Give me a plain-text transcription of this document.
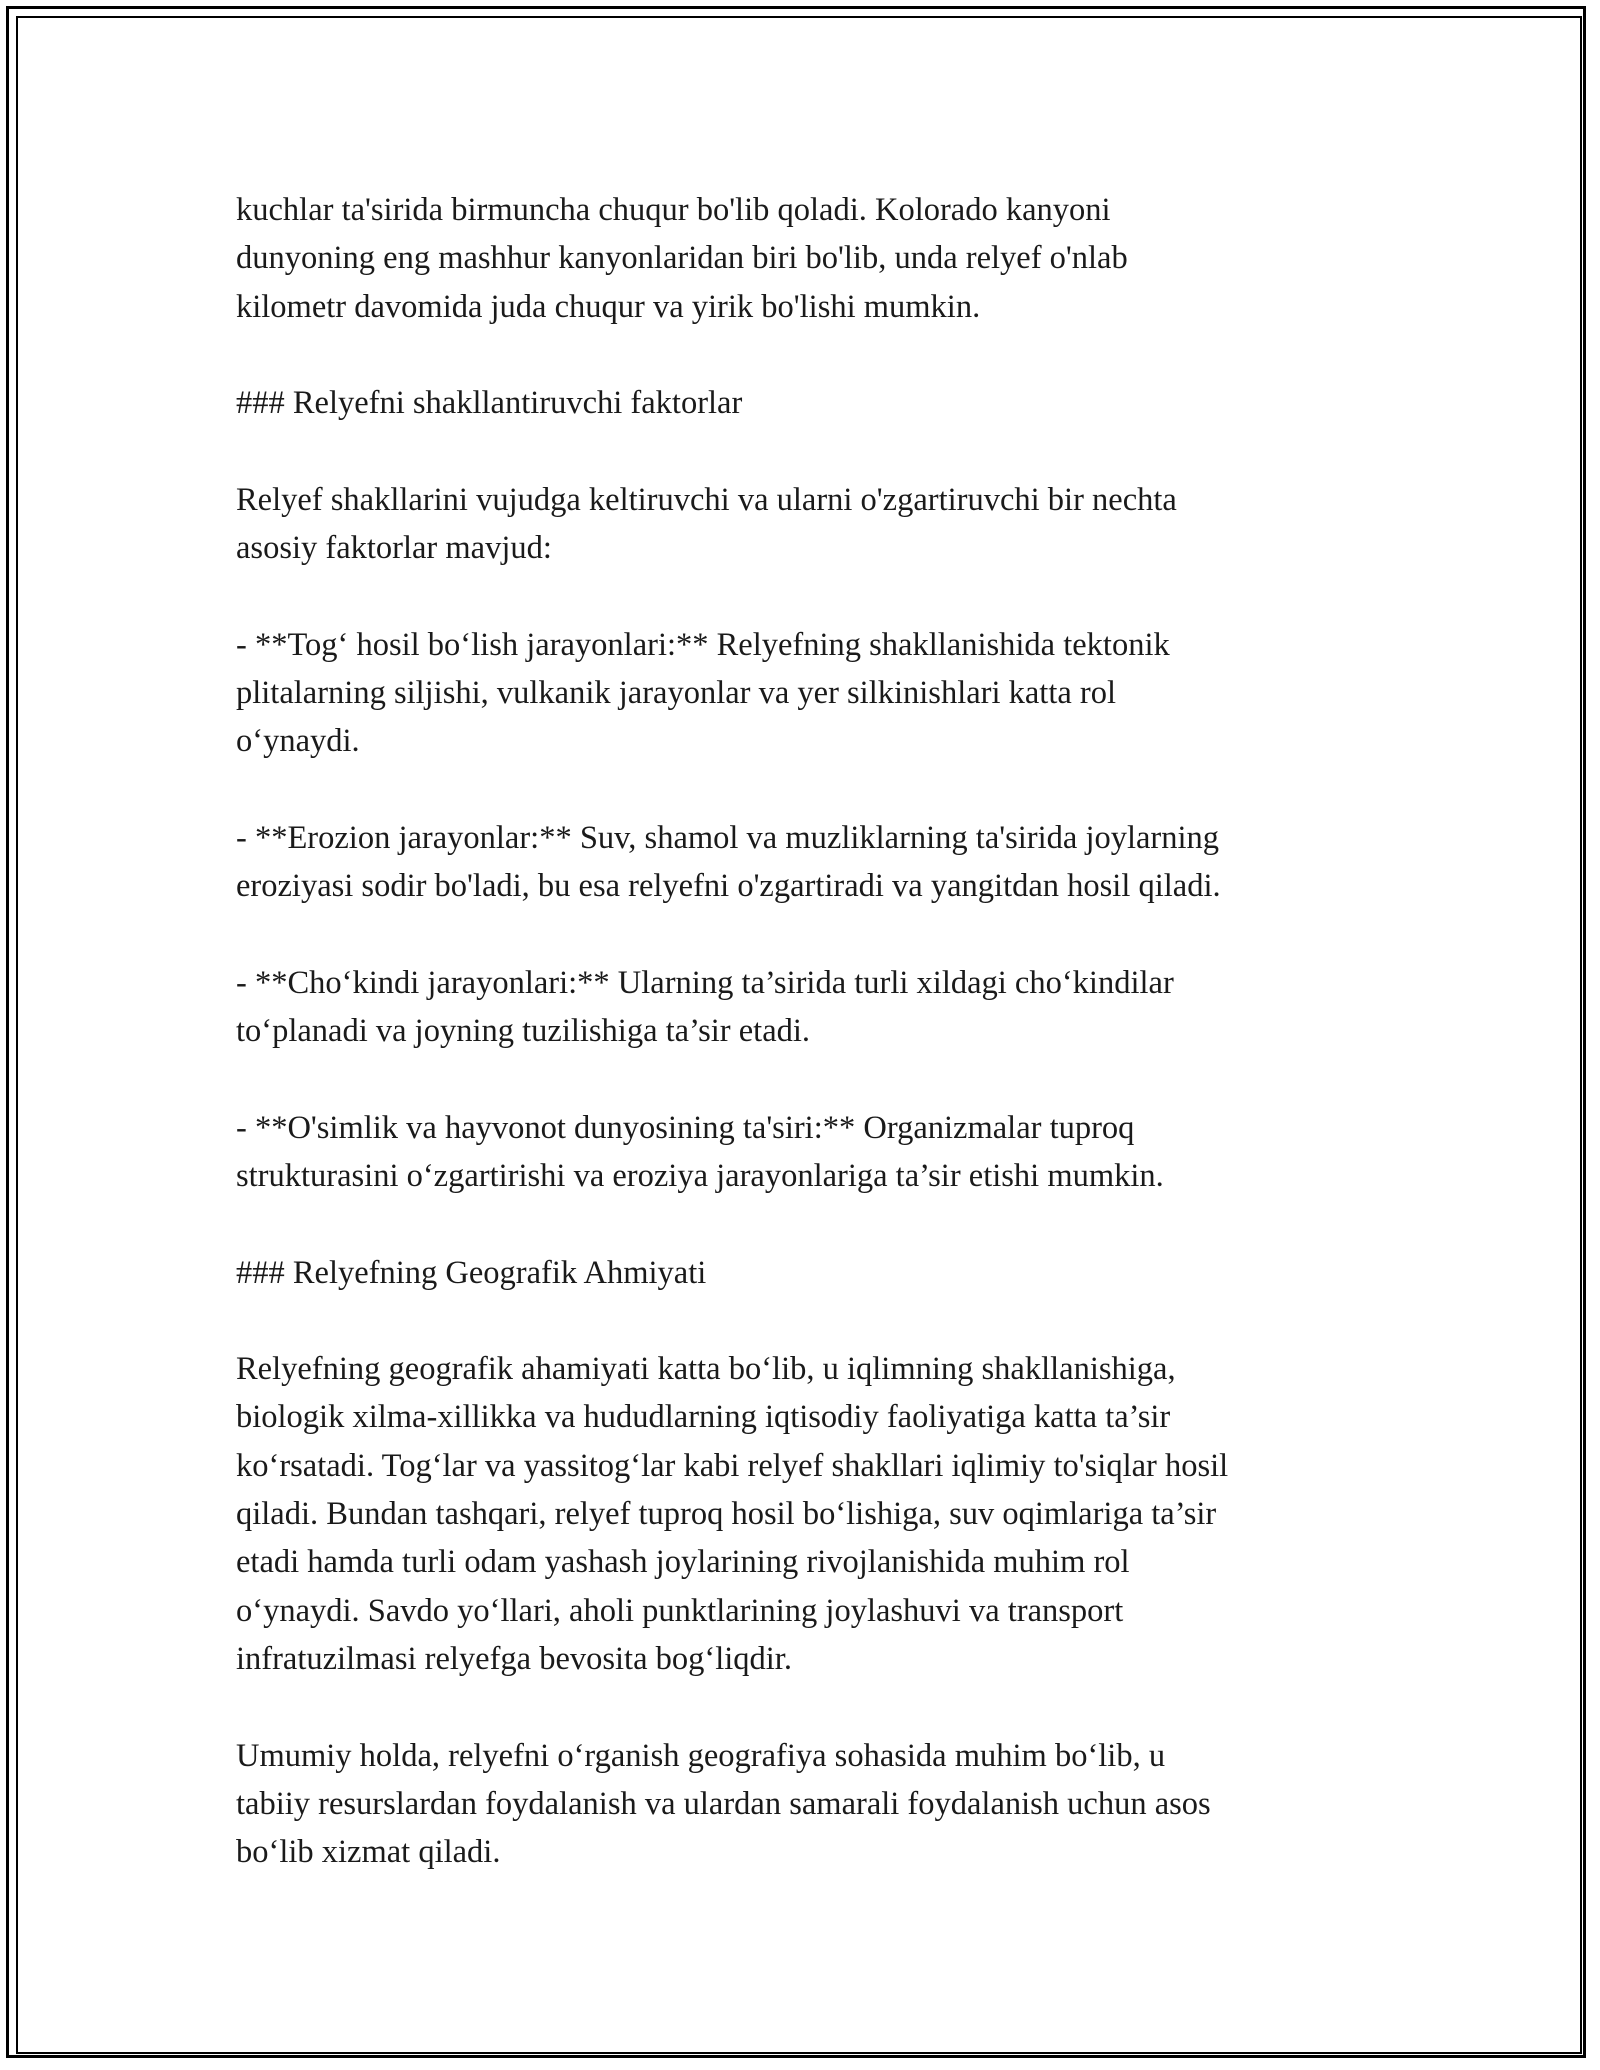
kuchlar ta'sirida birmuncha chuqur bo'lib qoladi. Kolorado kanyoni
dunyoning eng mashhur kanyonlaridan biri bo'lib, unda relyef o'nlab
kilometr davomida juda chuqur va yirik bo'lishi mumkin.

### Relyefni shakllantiruvchi faktorlar

Relyef shakllarini vujudga keltiruvchi va ularni o'zgartiruvchi bir nechta
asosiy faktorlar mavjud:

- **Tog‘ hosil bo‘lish jarayonlari:** Relyefning shakllanishida tektonik
plitalarning siljishi, vulkanik jarayonlar va yer silkinishlari katta rol
o‘ynaydi.

- **Erozion jarayonlar:** Suv, shamol va muzliklarning ta'sirida joylarning
eroziyasi sodir bo'ladi, bu esa relyefni o'zgartiradi va yangitdan hosil qiladi.

- **Cho‘kindi jarayonlari:** Ularning ta’sirida turli xildagi cho‘kindilar
to‘planadi va joyning tuzilishiga ta’sir etadi.

- **O'simlik va hayvonot dunyosining ta'siri:** Organizmalar tuproq
strukturasini o‘zgartirishi va eroziya jarayonlariga ta’sir etishi mumkin.

### Relyefning Geografik Ahmiyati

Relyefning geografik ahamiyati katta bo‘lib, u iqlimning shakllanishiga,
biologik xilma-xillikka va hududlarning iqtisodiy faoliyatiga katta ta’sir
ko‘rsatadi. Tog‘lar va yassitog‘lar kabi relyef shakllari iqlimiy to'siqlar hosil
qiladi. Bundan tashqari, relyef tuproq hosil bo‘lishiga, suv oqimlariga ta’sir
etadi hamda turli odam yashash joylarining rivojlanishida muhim rol
o‘ynaydi. Savdo yo‘llari, aholi punktlarining joylashuvi va transport
infratuzilmasi relyefga bevosita bog‘liqdir.

Umumiy holda, relyefni o‘rganish geografiya sohasida muhim bo‘lib, u
tabiiy resurslardan foydalanish va ulardan samarali foydalanish uchun asos
bo‘lib xizmat qiladi.
